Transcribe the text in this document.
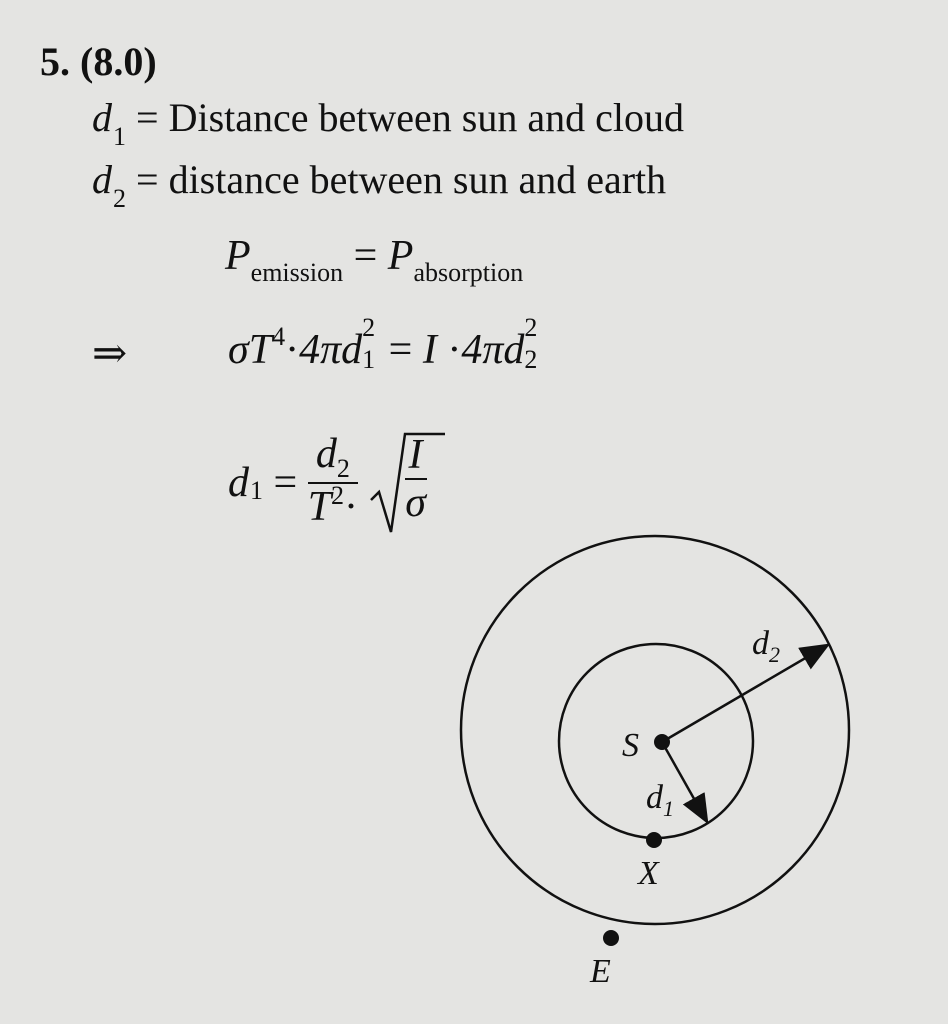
5. (8.0)
$d_1$ = Distance between sun and cloud
$d_2$ = distance between sun and earth
$P_{emission} = P_{absorption}$
⇒ $\sigma T^4\cdot 4\pi d$ 2
1 = I ·4πd 2
2
$d1 = \frac{d_2}{T^2\cdot}$
$\frac{I}{\sigma}$
S
X
E
$d_1$
$d_2$
